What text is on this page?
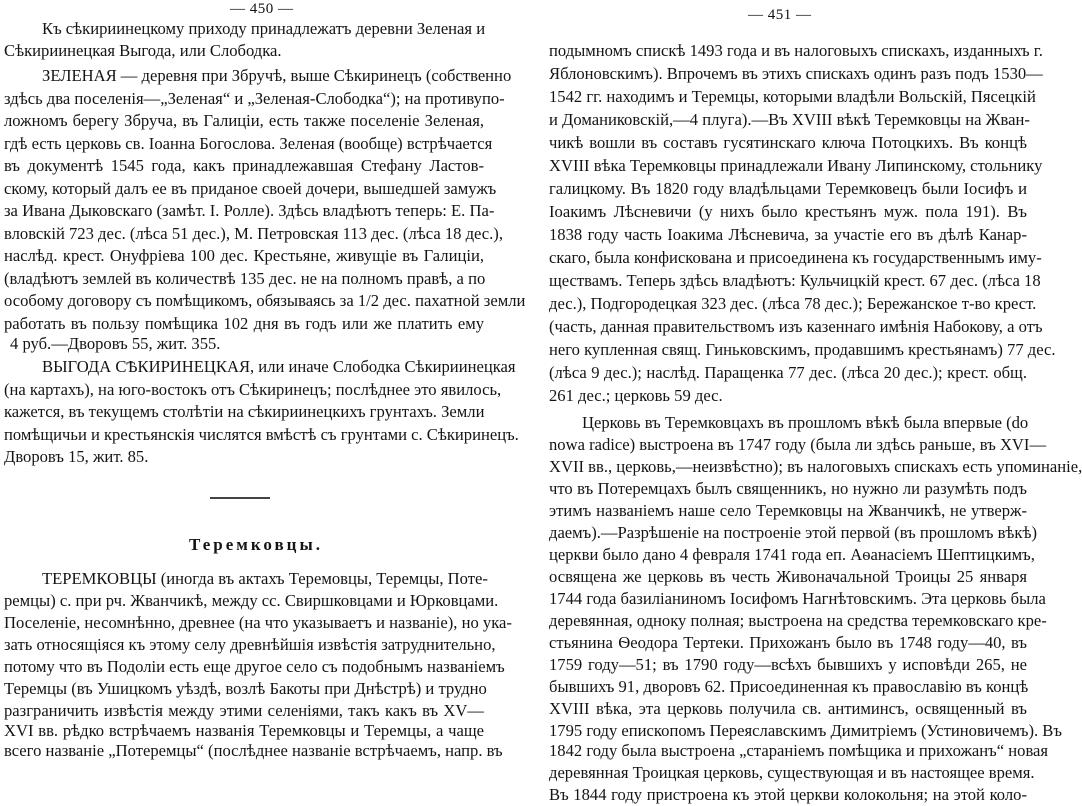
— 450 —
Къ сѣкириинецкому приходу принадлежатъ деревни Зеленая и
Сѣкириинецкая Выгода, или Слободка.
ЗЕЛЕНАЯ — деревня при Збручѣ, выше Сѣкиринецъ (собственно
здѣсь два поселенія—„Зеленая“ и „Зеленая-Слободка“); на противупо-
ложномъ берегу Збруча, въ Галиціи, есть также поселеніе Зеленая,
гдѣ есть церковь св. Іоанна Богослова. Зеленая (вообще) встрѣчается
въ документѣ 1545 года, какъ принадлежавшая Стефану Ластов-
скому, который далъ ее въ приданое своей дочери, вышедшей замужъ
за Ивана Дыковскаго (замѣт. І. Ролле). Здѣсь владѣютъ теперь: Е. Па-
вловскій 723 дес. (лѣса 51 дес.), М. Петровская 113 дес. (лѣса 18 дес.),
наслѣд. крест. Онуфріева 100 дес. Крестьяне, живущіе въ Галиціи,
(владѣютъ землей въ количествѣ 135 дес. не на полномъ правѣ, а по
особому договору съ помѣщикомъ, обязываясь за 1/2 дес. пахатной земли
работать въ пользу помѣщика 102 дня въ годъ или же платить ему
4 руб.—Дворовъ 55, жит. 355.
ВЫГОДА СѢКИРИНЕЦКАЯ, или иначе Слободка Сѣкириинецкая
(на картахъ), на юго-востокъ отъ Сѣкиринецъ; послѣднее это явилось,
кажется, въ текущемъ столѣтіи на сѣкириинецкихъ грунтахъ. Земли
помѣщичьи и крестьянскія числятся вмѣстѣ съ грунтами с. Сѣкиринецъ.
Дворовъ 15, жит. 85.
Теремковцы.
ТЕРЕМКОВЦЫ (иногда въ актахъ Теремовцы, Теремцы, Поте-
ремцы) с. при рч. Жванчикѣ, между сс. Свиршковцами и Юрковцами.
Поселеніе, несомнѣнно, древнее (на что указываетъ и названіе), но ука-
зать относящіяся къ этому селу древнѣйшія извѣстія затруднительно,
потому что въ Подоліи есть еще другое село съ подобнымъ названіемъ
Теремцы (въ Ушицкомъ уѣздѣ, возлѣ Бакоты при Днѣстрѣ) и трудно
разграничить извѣстія между этими селеніями, такъ какъ въ XV—
XVI вв. рѣдко встрѣчаемъ названія Теремковцы и Теремцы, а чаще
всего названіе „Потеремцы“ (послѣднее названіе встрѣчаемъ, напр. въ
— 451 —
подымномъ спискѣ 1493 года и въ налоговыхъ спискахъ, изданныхъ г.
Яблоновскимъ). Впрочемъ въ этихъ спискахъ одинъ разъ подъ 1530—
1542 гг. находимъ и Теремцы, которыми владѣли Вольскій, Пясецкій
и Доманиковскій,—4 плуга).—Въ XVIII вѣкѣ Теремковцы на Жван-
чикѣ вошли въ составъ гусятинскаго ключа Потоцкихъ. Въ концѣ
XVIII вѣка Теремковцы принадлежали Ивану Липинскому, стольнику
галицкому. Въ 1820 году владѣльцами Теремковецъ были Іосифъ и
Іоакимъ Лѣсневичи (у нихъ было крестьянъ муж. пола 191). Въ
1838 году часть Іоакима Лѣсневича, за участіе его въ дѣлѣ Канар-
скаго, была конфискована и присоединена къ государственнымъ иму-
ществамъ. Теперь здѣсь владѣютъ: Кульчицкій крест. 67 дес. (лѣса 18
дес.), Подгородецкая 323 дес. (лѣса 78 дес.); Бережанское т-во крест.
(часть, данная правительствомъ изъ казеннаго имѣнія Набокову, а отъ
него купленная свящ. Гиньковскимъ, продавшимъ крестьянамъ) 77 дес.
(лѣса 9 дес.); наслѣд. Паращенка 77 дес. (лѣса 20 дес.); крест. общ.
261 дес.; церковь 59 дес.
Церковь въ Теремковцахъ въ прошломъ вѣкѣ была впервые (do
nowa radice) выстроена въ 1747 году (была ли здѣсь раньше, въ XVI—
XVII вв., церковь,—неизвѣстно); въ налоговыхъ спискахъ есть упоминаніе,
что въ Потеремцахъ былъ священникъ, но нужно ли разумѣть подъ
этимъ названіемъ наше село Теремковцы на Жванчикѣ, не утверж-
даемъ).—Разрѣшеніе на построеніе этой первой (въ прошломъ вѣкѣ)
церкви было дано 4 февраля 1741 года еп. Аѳанасіемъ Шептицкимъ,
освящена же церковь въ честь Живоначальной Троицы 25 января
1744 года базиліаниномъ Іосифомъ Нагнѣтовскимъ. Эта церковь была
деревянная, одноку полная; выстроена на средства теремковскаго кре-
стьянина Ѳеодора Тертеки. Прихожанъ было въ 1748 году—40, въ
1759 году—51; въ 1790 году—всѣхъ бывшихъ у исповѣди 265, не
бывшихъ 91, дворовъ 62. Присоединенная къ православію въ концѣ
XVIII вѣка, эта церковь получила св. антиминсъ, освященный въ
1795 году епископомъ Переяславскимъ Димитріемъ (Устиновичемъ). Въ
1842 году была выстроена „стараніемъ помѣщика и прихожанъ“ новая
деревянная Троицкая церковь, существующая и въ настоящее время.
Въ 1844 году пристроена къ этой церкви колокольня; на этой коло-
